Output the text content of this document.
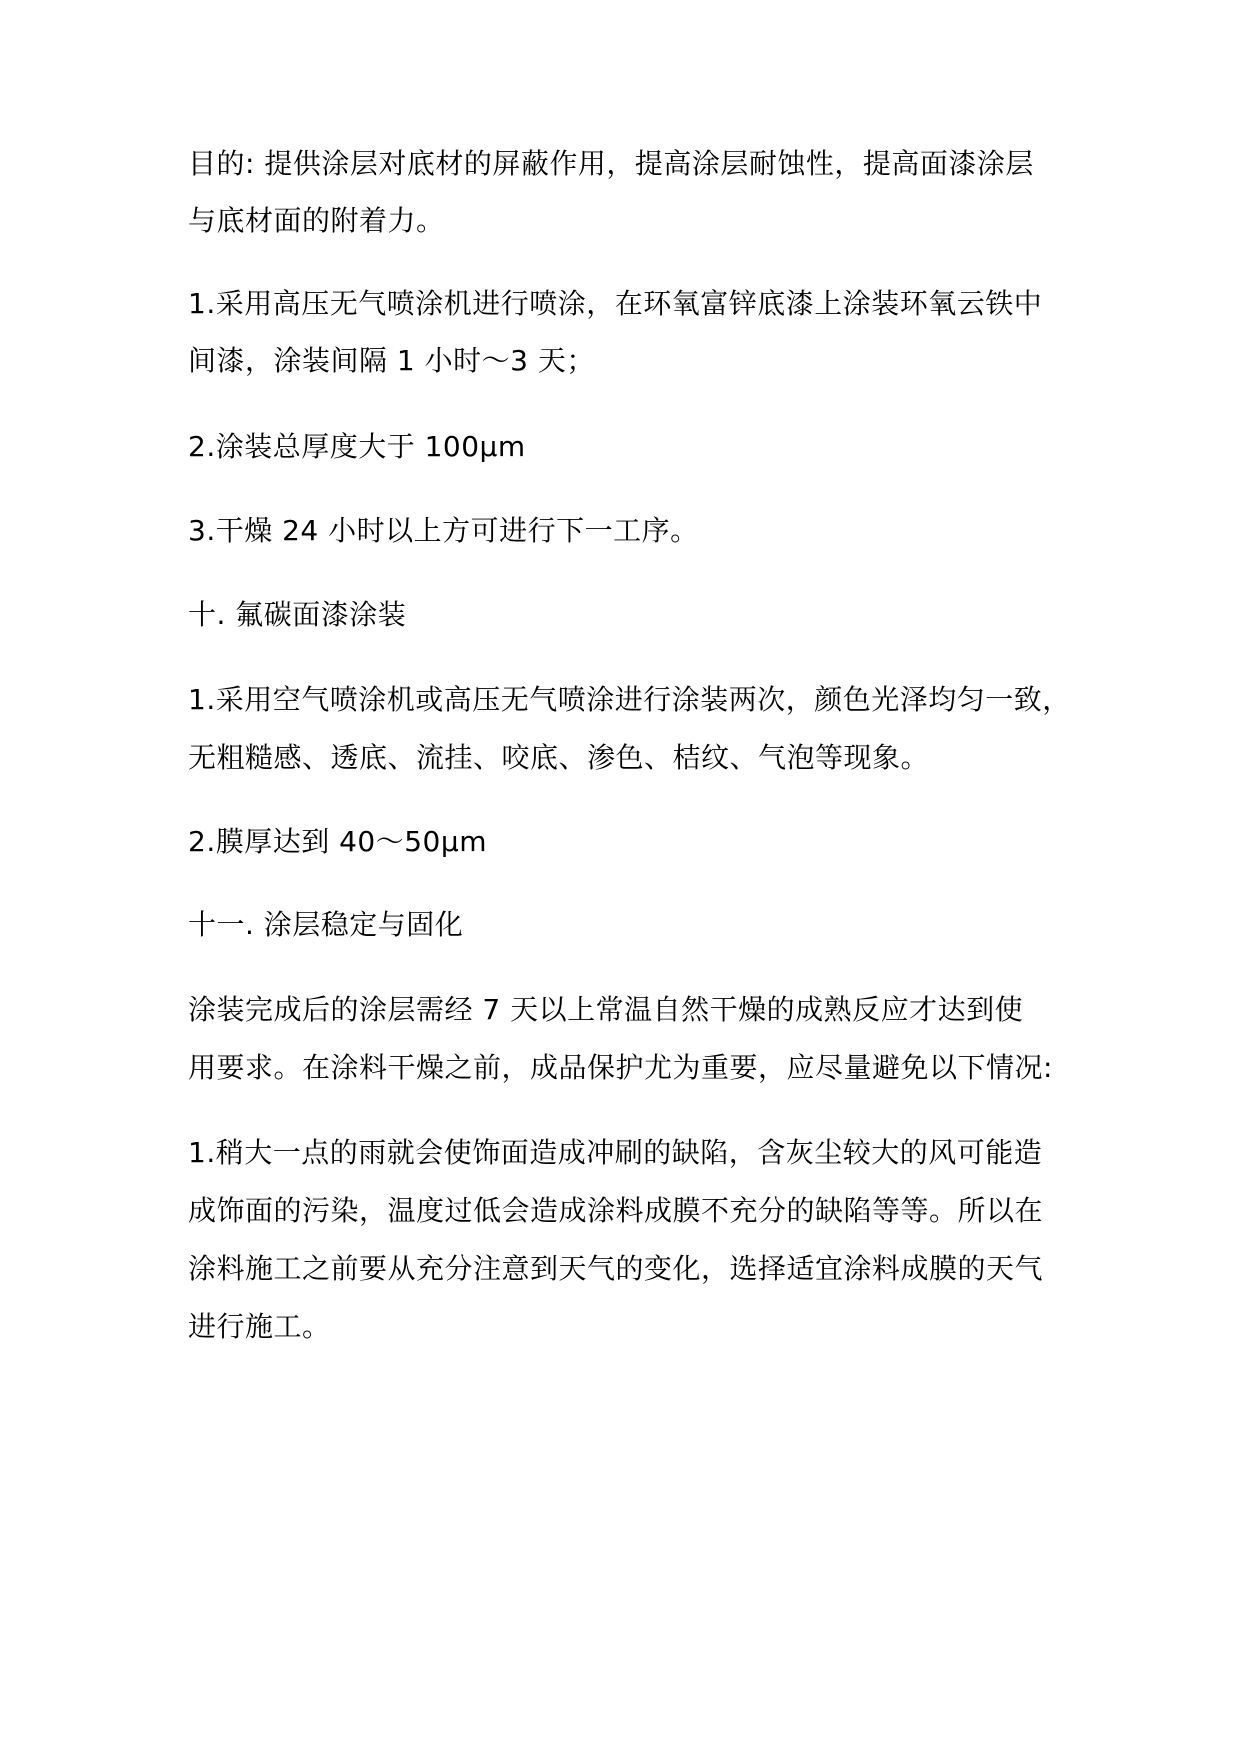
目的: 提供涂层对底材的屏蔽作用，提高涂层耐蚀性，提高面漆涂层
与底材面的附着力。
1.采用高压无气喷涂机进行喷涂，在环氧富锌底漆上涂装环氧云铁中
间漆，涂装间隔 1 小时～3 天；
2.涂装总厚度大于 100μm
3.干燥 24 小时以上方可进行下一工序。
十. 氟碳面漆涂装
1.采用空气喷涂机或高压无气喷涂进行涂装两次，颜色光泽均匀一致，
无粗糙感、透底、流挂、咬底、渗色、桔纹、气泡等现象。
2.膜厚达到 40～50μm
十一. 涂层稳定与固化
涂装完成后的涂层需经 7 天以上常温自然干燥的成熟反应才达到使
用要求。在涂料干燥之前，成品保护尤为重要，应尽量避免以下情况:
1.稍大一点的雨就会使饰面造成冲刷的缺陷，含灰尘较大的风可能造
成饰面的污染，温度过低会造成涂料成膜不充分的缺陷等等。所以在
涂料施工之前要从充分注意到天气的变化，选择适宜涂料成膜的天气
进行施工。
